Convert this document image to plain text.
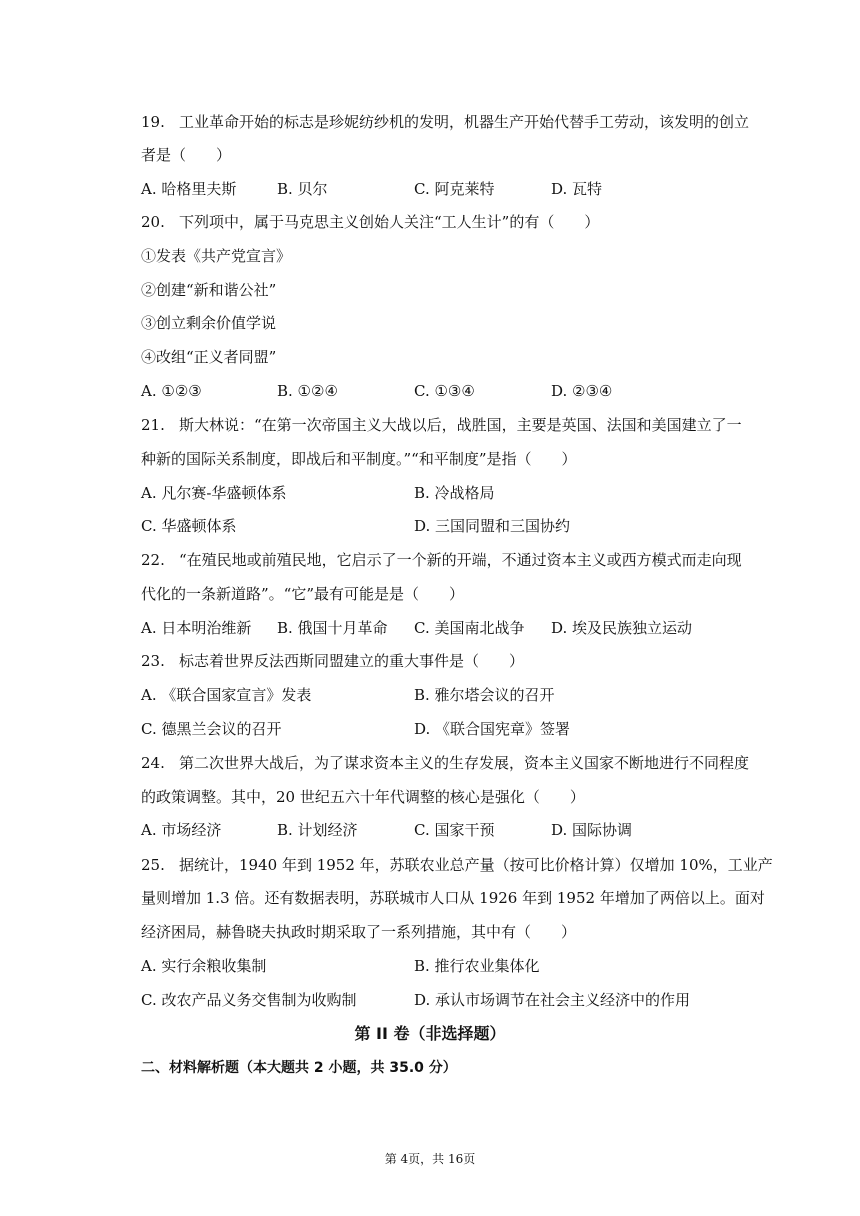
19. 工业革命开始的标志是珍妮纺纱机的发明，机器生产开始代替手工劳动，该发明的创立
者是（　　）
A. 哈格里夫斯	B. 贝尔	C. 阿克莱特	D. 瓦特
20. 下列项中，属于马克思主义创始人关注“工人生计”的有（　　）
①发表《共产党宣言》
②创建“新和谐公社”
③创立剩余价值学说
④改组“正义者同盟”
A. ①②③	B. ①②④	C. ①③④	D. ②③④
21. 斯大林说：“在第一次帝国主义大战以后，战胜国，主要是英国、法国和美国建立了一
种新的国际关系制度，即战后和平制度。”“和平制度”是指（　　）
A. 凡尔赛-华盛顿体系	B. 冷战格局
C. 华盛顿体系	D. 三国同盟和三国协约
22. “在殖民地或前殖民地，它启示了一个新的开端，不通过资本主义或西方模式而走向现
代化的一条新道路”。“它”最有可能是是（　　）
A. 日本明治维新 B. 俄国十月革命 C. 美国南北战争 D. 埃及民族独立运动
23. 标志着世界反法西斯同盟建立的重大事件是（　　）
A. 《联合国家宣言》发表	B. 雅尔塔会议的召开
C. 德黑兰会议的召开	D. 《联合国宪章》签署
24. 第二次世界大战后，为了谋求资本主义的生存发展，资本主义国家不断地进行不同程度
的政策调整。其中，20 世纪五六十年代调整的核心是强化（　　）
A. 市场经济	B. 计划经济	C. 国家干预	D. 国际协调
25. 据统计，1940 年到 1952 年，苏联农业总产量（按可比价格计算）仅增加 10%，工业产
量则增加 1.3 倍。还有数据表明，苏联城市人口从 1926 年到 1952 年增加了两倍以上。面对
经济困局，赫鲁晓夫执政时期采取了一系列措施，其中有（　　）
A. 实行余粮收集制	B. 推行农业集体化
C. 改农产品义务交售制为收购制	D. 承认市场调节在社会主义经济中的作用
第 II 卷（非选择题）
二、材料解析题（本大题共 2 小题，共 35.0 分）
第 4页，共 16页
